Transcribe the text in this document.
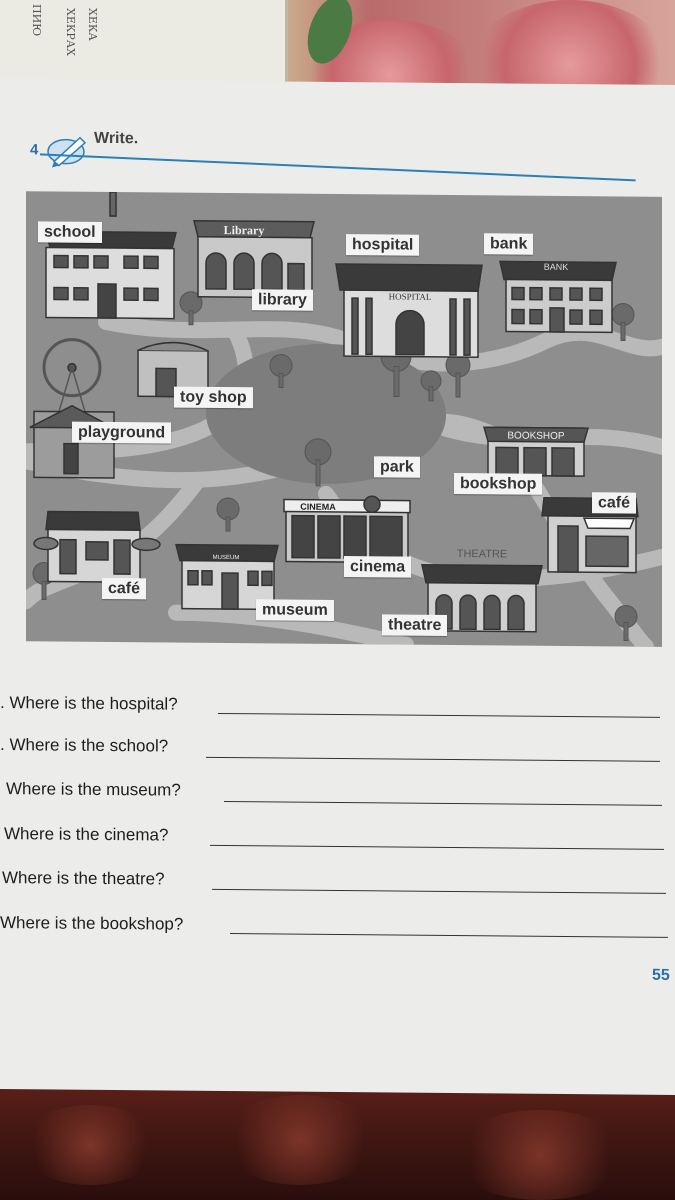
ПИЮ ХЕКРАХ ХЕКА
4
Write.
Library
HOSPITAL
BANK
BOOKSHOP
MUSEUM
CINEMA
THEATRE
school
library
hospital	bank
toy shop
playground
park
bookshop
café
cinema
café
museum
theatre
. Where is the hospital?
. Where is the school?
Where is the museum?
Where is the cinema?
Where is the theatre?
Where is the bookshop?
55
